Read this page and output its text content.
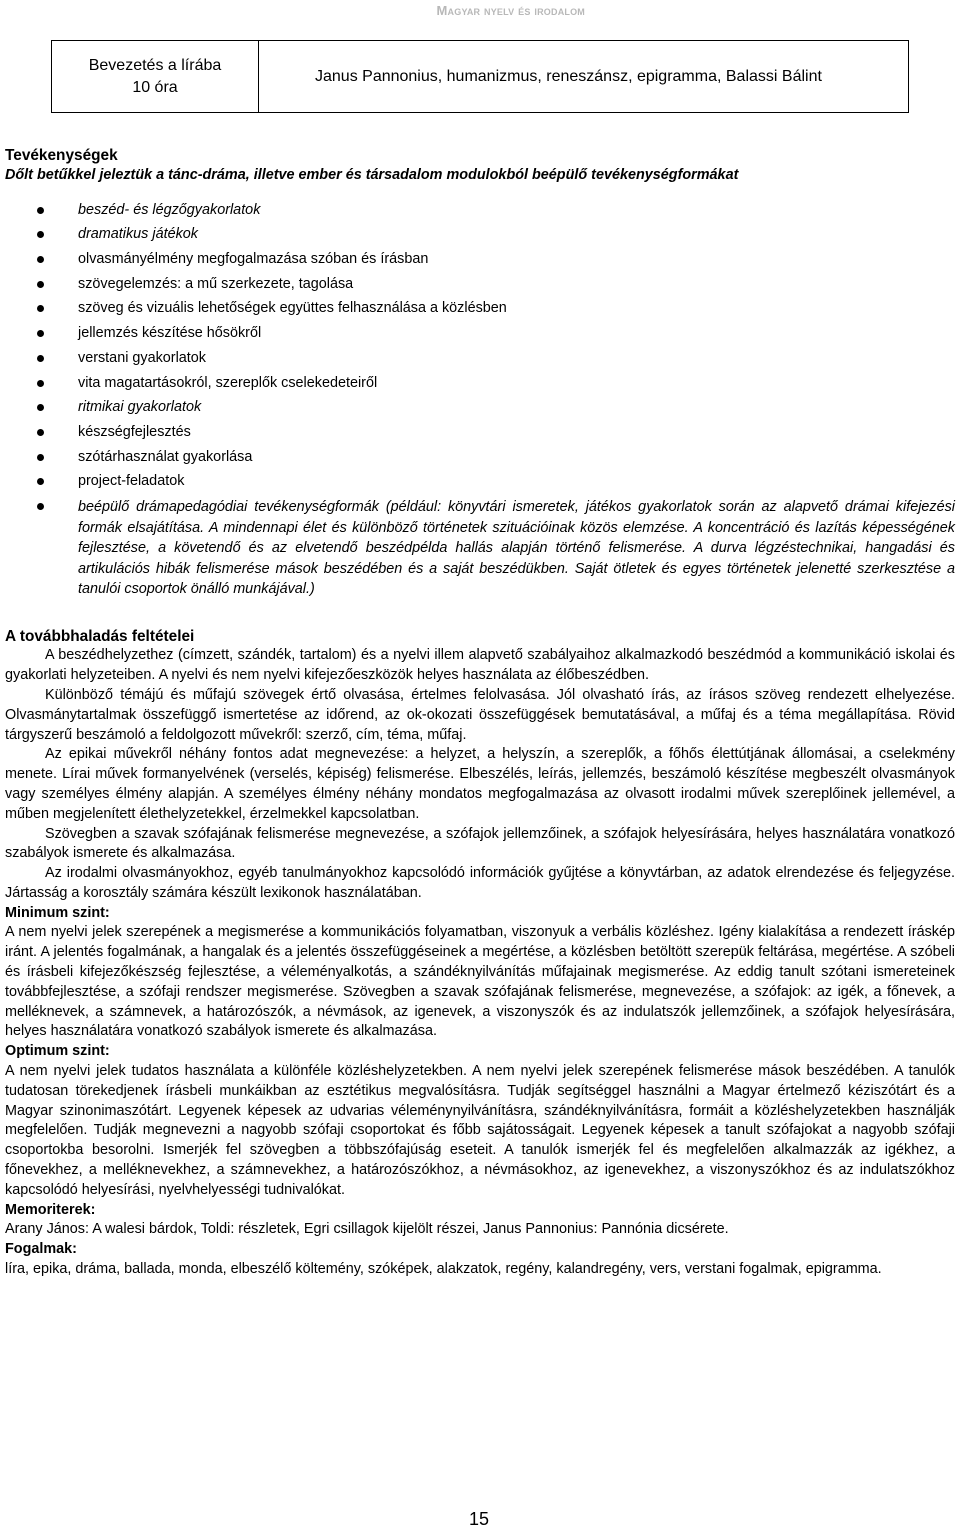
Magyar nyelv és irodalom
Bevezetés a lírába
10 óra
Janus Pannonius, humanizmus, reneszánsz, epigramma, Balassi Bálint
Tevékenységek
Dőlt betűkkel jeleztük a tánc-dráma, illetve ember és társadalom modulokból beépülő tevékenységformákat
beszéd- és légzőgyakorlatok
dramatikus játékok
olvasmányélmény megfogalmazása szóban és írásban
szövegelemzés: a mű szerkezete, tagolása
szöveg és vizuális lehetőségek együttes felhasználása a közlésben
jellemzés készítése hősökről
verstani gyakorlatok
vita magatartásokról, szereplők cselekedeteiről
ritmikai gyakorlatok
készségfejlesztés
szótárhasználat gyakorlása
project-feladatok
beépülő drámapedagódiai tevékenységformák (például: könyvtári ismeretek, játékos gyakorlatok során az alapvető drámai kifejezési formák elsajátítása. A mindennapi élet és különböző történetek szituációinak közös elemzése. A koncentráció és lazítás képességének fejlesztése, a követendő és az elvetendő beszédpélda hallás alapján történő felismerése. A durva légzéstechnikai, hangadási és artikulációs hibák felismerése mások beszédében és a saját beszédükben. Saját ötletek és egyes történetek jelenetté szerkesztése a tanulói csoportok önálló munkájával.)
A továbbhaladás feltételei

A beszédhelyzethez (címzett, szándék, tartalom) és a nyelvi illem alapvető szabályaihoz alkalmazkodó beszédmód a kommunikáció iskolai és gyakorlati helyzeteiben. A nyelvi és nem nyelvi kifejezőeszközök helyes használata az élőbeszédben.

Különböző témájú és műfajú szövegek értő olvasása, értelmes felolvasása. Jól olvasható írás, az írásos szöveg rendezett elhelyezése. Olvasmánytartalmak összefüggő ismertetése az időrend, az ok-okozati összefüggések bemutatásával, a műfaj és a téma megállapítása. Rövid tárgyszerű beszámoló a feldolgozott művekről: szerző, cím, téma, műfaj.

Az epikai művekről néhány fontos adat megnevezése: a helyzet, a helyszín, a szereplők, a főhős élettútjának állomásai, a cselekmény menete. Lírai művek formanyelvének (verselés, képiség) felismerése. Elbeszélés, leírás, jellemzés, beszámoló készítése megbeszélt olvasmányok vagy személyes élmény alapján. A személyes élmény néhány mondatos megfogalmazása az olvasott irodalmi művek szereplőinek jellemével, a műben megjelenített élethelyzetekkel, érzelmekkel kapcsolatban.

Szövegben a szavak szófajának felismerése megnevezése, a szófajok jellemzőinek, a szófajok helyesírására, helyes használatára vonatkozó szabályok ismerete és alkalmazása.

Az irodalmi olvasmányokhoz, egyéb tanulmányokhoz kapcsolódó információk gyűjtése a könyvtárban, az adatok elrendezése és feljegyzése. Jártasság a korosztály számára készült lexikonok használatában.

Minimum szint:

A nem nyelvi jelek szerepének a megismerése a kommunikációs folyamatban, viszonyuk a verbális közléshez. Igény kialakítása a rendezett íráskép iránt. A jelentés fogalmának, a hangalak és a jelentés összefüggéseinek a megértése, a közlésben betöltött szerepük feltárása, megértése. A szóbeli és írásbeli kifejezőkészség fejlesztése, a véleményalkotás, a szándéknyilvánítás műfajainak megismerése. Az eddig tanult szótani ismereteinek továbbfejlesztése, a szófaji rendszer megismerése. Szövegben a szavak szófajának felismerése, megnevezése, a szófajok: az igék, a főnevek, a melléknevek, a számnevek, a határozószók, a névmások, az igenevek, a viszonyszók és az indulatszók jellemzőinek, a szófajok helyesírására, helyes használatára vonatkozó szabályok ismerete és alkalmazása.

Optimum szint:

A nem nyelvi jelek tudatos használata a különféle közléshelyzetekben. A nem nyelvi jelek szerepének felismerése mások beszédében. A tanulók tudatosan törekedjenek írásbeli munkáikban az esztétikus megvalósításra. Tudják segítséggel használni a Magyar értelmező kéziszótárt és a Magyar szinonimaszótárt. Legyenek képesek az udvarias véleménynyilvánításra, szándéknyilvánításra, formáit a közléshelyzetekben használják megfelelően. Tudják megnevezni a nagyobb szófaji csoportokat és főbb sajátosságait. Legyenek képesek a tanult szófajokat a nagyobb szófaji csoportokba besorolni. Ismerjék fel szövegben a többszófajúság eseteit. A tanulók ismerjék fel és megfelelően alkalmazzák az igékhez, a főnevekhez, a melléknevekhez, a számnevekhez, a határozószókhoz, a névmásokhoz, az igenevekhez, a viszonyszókhoz és az indulatszókhoz kapcsolódó helyesírási, nyelvhelyességi tudnivalókat.

Memoriterek:

Arany János: A walesi bárdok, Toldi: részletek, Egri csillagok kijelölt részei, Janus Pannonius: Pannónia dicsérete.

Fogalmak:

líra, epika, dráma, ballada, monda, elbeszélő költemény, szóképek, alakzatok, regény, kalandregény, vers, verstani fogalmak, epigramma.

15
